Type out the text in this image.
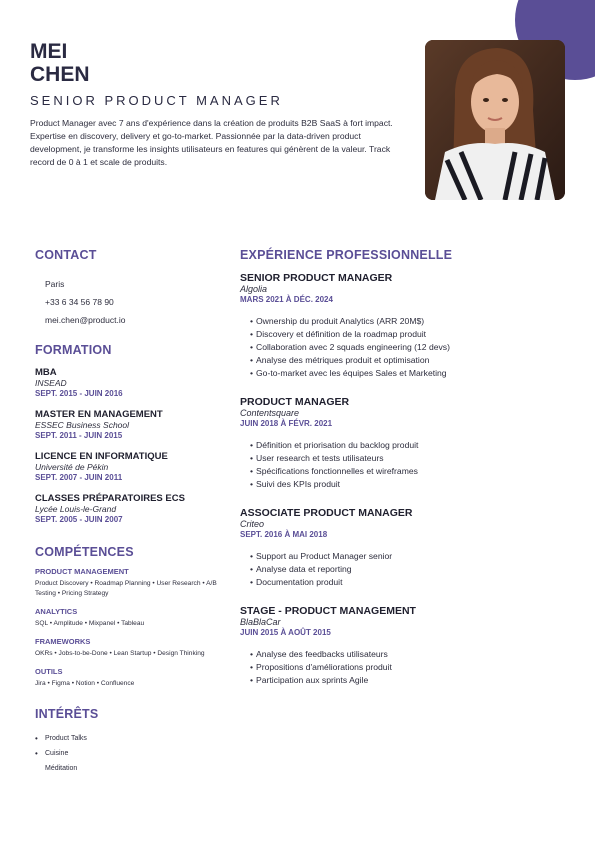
MEI
CHEN
SENIOR PRODUCT MANAGER

Product Manager avec 7 ans d'expérience dans la création de produits B2B SaaS à fort impact. Expertise en discovery, delivery et go-to-market. Passionnée par la data-driven product development, je transforme les insights utilisateurs en features qui génèrent de la valeur. Track record de 0 à 1 et scale de produits.

CONTACT
Paris
+33 6 34 56 78 90
mei.chen@product.io
FORMATION
MBA
INSEAD
SEPT. 2015 - JUIN 2016
MASTER EN MANAGEMENT
ESSEC Business School
SEPT. 2011 - JUIN 2015
LICENCE EN INFORMATIQUE
Université de Pékin
SEPT. 2007 - JUIN 2011
CLASSES PRÉPARATOIRES ECS
Lycée Louis-le-Grand
SEPT. 2005 - JUIN 2007
COMPÉTENCES
PRODUCT MANAGEMENT
Product Discovery • Roadmap Planning • User Research • A/B Testing • Pricing Strategy
ANALYTICS
SQL • Amplitude • Mixpanel • Tableau
FRAMEWORKS
OKRs • Jobs-to-be-Done • Lean Startup • Design Thinking
OUTILS
Jira • Figma • Notion • Confluence
INTÉRÊTS
• Product Talks
• Cuisine
Méditation
EXPÉRIENCE PROFESSIONNELLE
SENIOR PRODUCT MANAGER
Algolia
MARS 2021 À DÉC. 2024
• Ownership du produit Analytics (ARR 20M$)
• Discovery et définition de la roadmap produit
• Collaboration avec 2 squads engineering (12 devs)
• Analyse des métriques produit et optimisation
• Go-to-market avec les équipes Sales et Marketing
PRODUCT MANAGER
Contentsquare
JUIN 2018 À FÉVR. 2021
• Définition et priorisation du backlog produit
• User research et tests utilisateurs
• Spécifications fonctionnelles et wireframes
• Suivi des KPIs produit
ASSOCIATE PRODUCT MANAGER
Criteo
SEPT. 2016 À MAI 2018
• Support au Product Manager senior
• Analyse data et reporting
• Documentation produit
STAGE - PRODUCT MANAGEMENT
BlaBlaCar
JUIN 2015 À AOÛT 2015
• Analyse des feedbacks utilisateurs
• Propositions d'améliorations produit
• Participation aux sprints Agile
